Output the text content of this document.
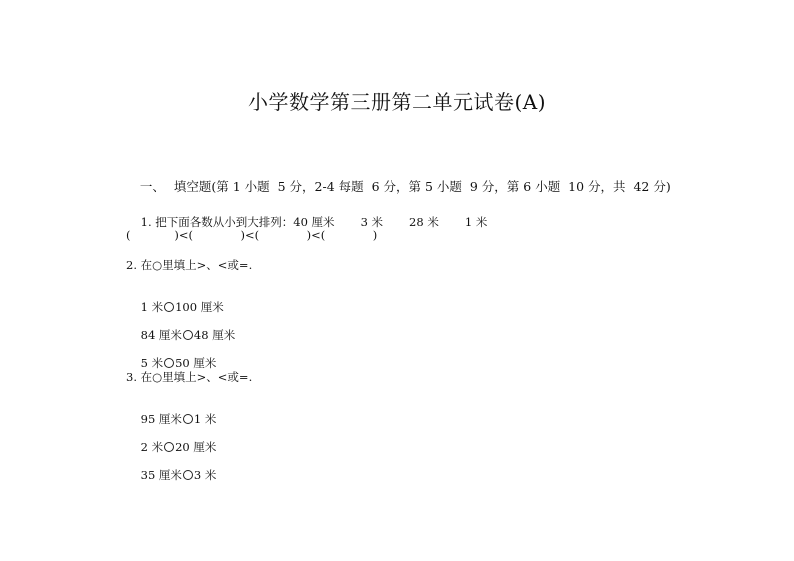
小学数学第三册第二单元试卷(A)

一、 填空题(第 1 小题  5 分，2-4 每题  6 分，第 5 小题  9 分，第 6 小题  10 分，共  42 分)

1. 把下面各数从小到大排列：40 厘米 3 米 28 米 1 米

(            )<(             )<(             )<(             )
2. 在○里填上>、<或=.

1 米 100 厘米

84 厘米 48 厘米

5 米 50 厘米

3. 在○里填上>、<或=.

95 厘米 1 米

2 米 20 厘米

35 厘米 3 米
